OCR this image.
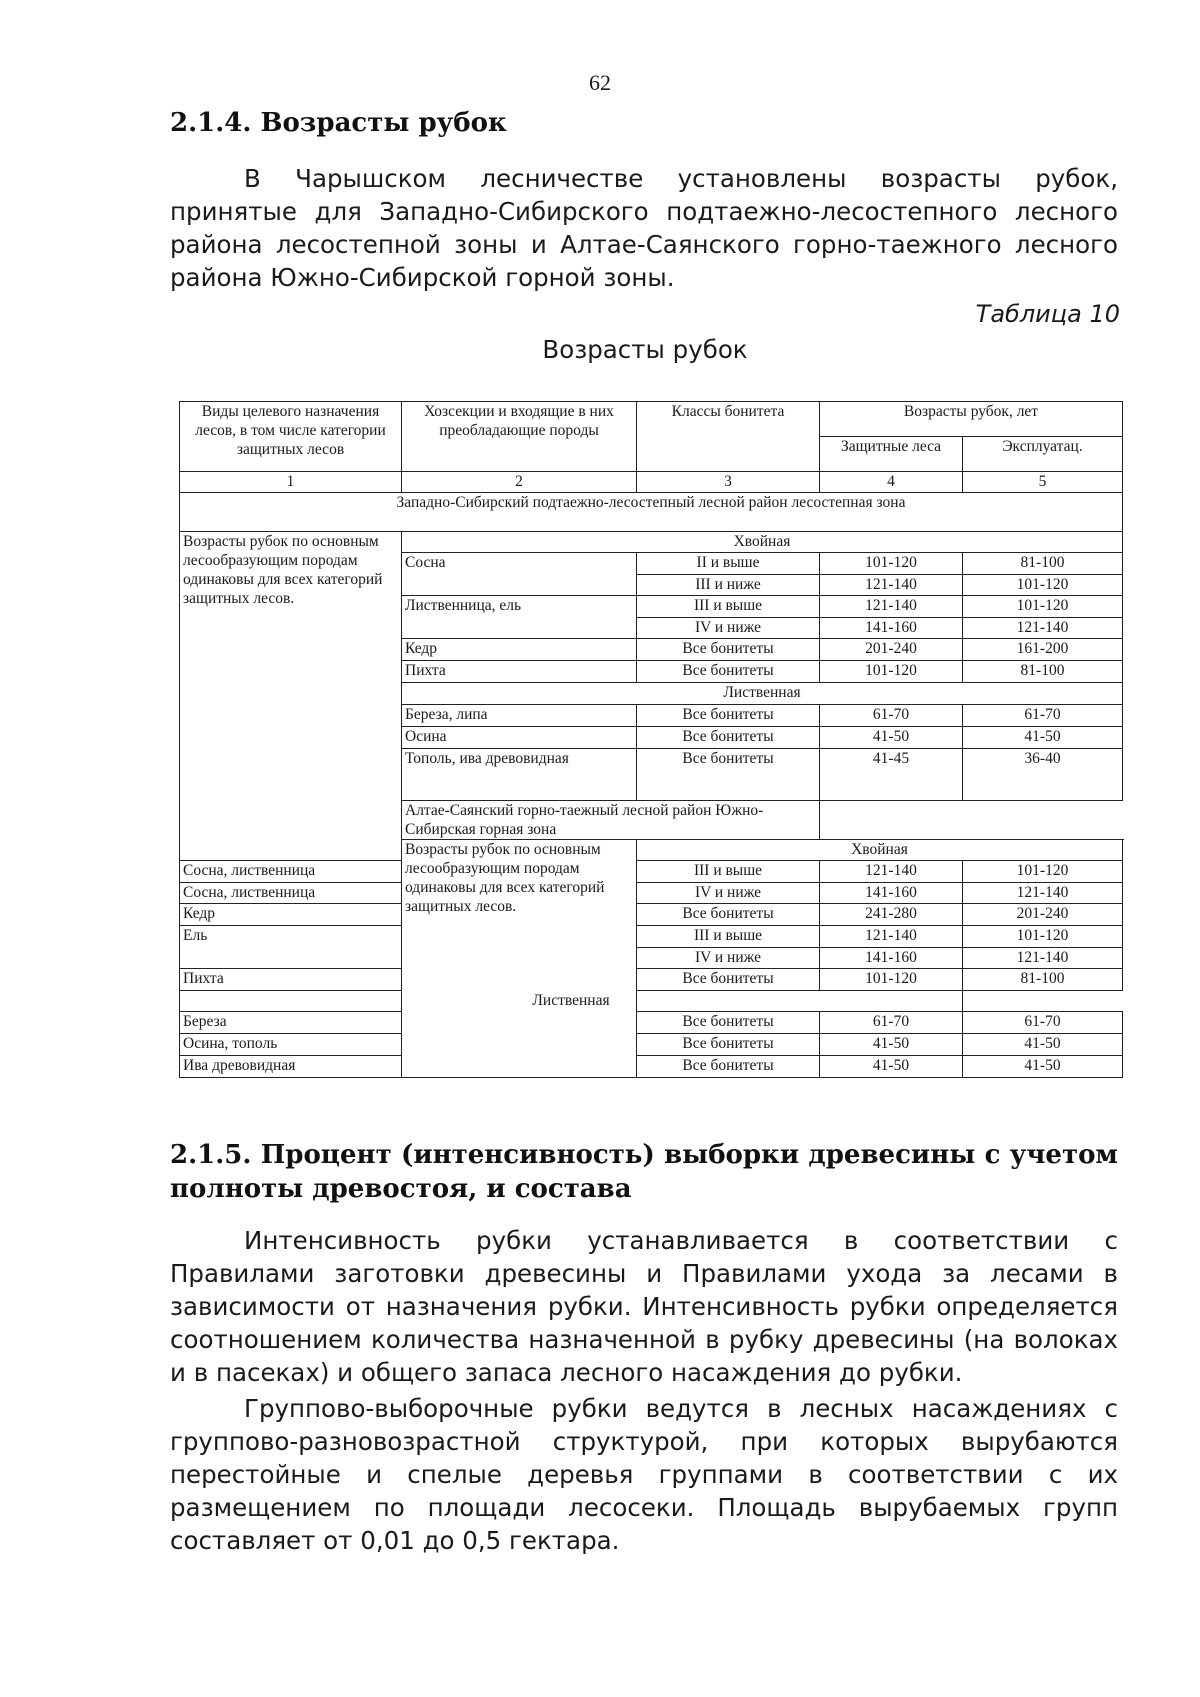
62
2.1.4. Возрасты рубок

В Чарышском лесничестве установлены возрасты рубок, принятые для Западно-Сибирского подтаежно-лесостепного лесного района лесостепной зоны и Алтае-Саянского горно-таежного лесного района Южно-Сибирской горной зоны.

Таблица 10
Возрасты рубок
Виды целевого назначения лесов, в том числе категории защитных лесов	Хозсекции и входящие в них преобладающие породы	Классы бонитета	Возрасты рубок, лет	
			Защитные леса	Эксплуатац.
1	2	3	4	5
Западно-Сибирский подтаежно-лесостепный лесной район лесостепная зона				
Возрасты рубок по основным лесообразующим породам одинаковы для всех категорий защитных лесов.	Хвойная			
	Сосна	II и выше	101-120	81-100
		III и ниже	121-140	101-120
	Лиственница, ель	III и выше	121-140	101-120
		IV и ниже	141-160	121-140
	Кедр	Все бонитеты	201-240	161-200
	Пихта	Все бонитеты	101-120	81-100
	Лиственная			
	Береза, липа	Все бонитеты	61-70	61-70
	Осина	Все бонитеты	41-50	41-50
	Тополь, ива древовидная	Все бонитеты	41-45	36-40
	Алтае-Саянский горно-таежный лесной район Южно-Сибирская горная зона			
	Возрасты рубок по основным лесообразующим породам одинаковы для всех категорий защитных лесов.	Хвойная		
Сосна, лиственница		III и выше	121-140	101-120
Сосна, лиственница		IV и ниже	141-160	121-140
Кедр		Все бонитеты	241-280	201-240
Ель		III и выше	121-140	101-120
		IV и ниже	141-160	121-140
Пихта		Все бонитеты	101-120	81-100
Лиственная				
Береза		Все бонитеты	61-70	61-70
Осина, тополь		Все бонитеты	41-50	41-50
Ива древовидная		Все бонитеты	41-50	41-50
2.1.5. Процент (интенсивность) выборки древесины с учетом полноты древостоя, и состава

Интенсивность рубки устанавливается в соответствии с Правилами заготовки древесины и Правилами ухода за лесами в зависимости от назначения рубки. Интенсивность рубки определяется соотношением количества назначенной в рубку древесины (на волоках и в пасеках) и общего запаса лесного насаждения до рубки.

Группово-выборочные рубки ведутся в лесных насаждениях с группово-разновозрастной структурой, при которых вырубаются перестойные и спелые деревья группами в соответствии с их размещением по площади лесосеки. Площадь вырубаемых групп составляет от 0,01 до 0,5 гектара.
